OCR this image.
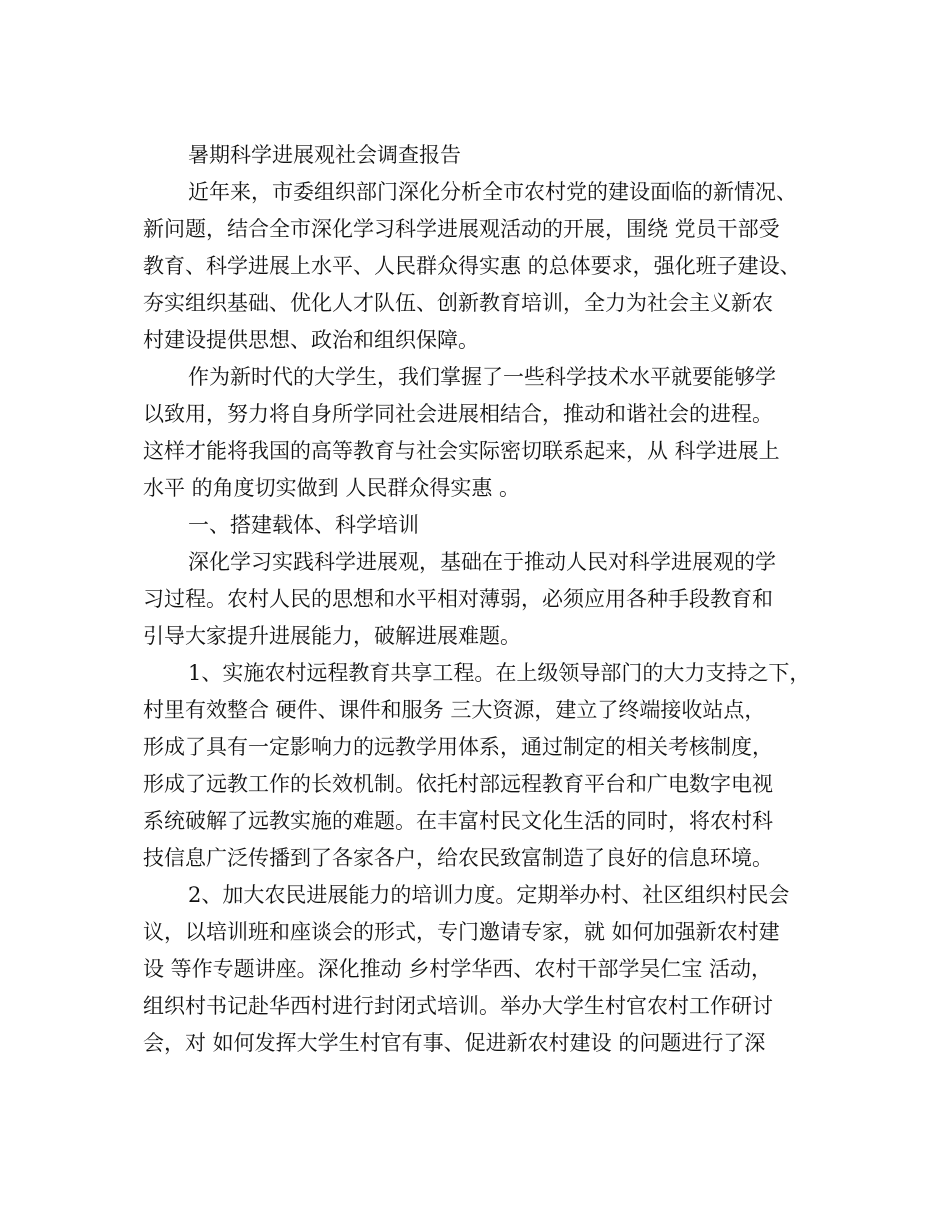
暑期科学进展观社会调查报告

近年来，市委组织部门深化分析全市农村党的建设面临的新情况、

新问题，结合全市深化学习科学进展观活动的开展，围绕 党员干部受

教育、科学进展上水平、人民群众得实惠 的总体要求，强化班子建设、

夯实组织基础、优化人才队伍、创新教育培训，全力为社会主义新农

村建设提供思想、政治和组织保障。

作为新时代的大学生，我们掌握了一些科学技术水平就要能够学

以致用，努力将自身所学同社会进展相结合，推动和谐社会的进程。

这样才能将我国的高等教育与社会实际密切联系起来，从 科学进展上

水平 的角度切实做到 人民群众得实惠 。

一、搭建载体、科学培训

深化学习实践科学进展观，基础在于推动人民对科学进展观的学

习过程。农村人民的思想和水平相对薄弱，必须应用各种手段教育和

引导大家提升进展能力，破解进展难题。

1、实施农村远程教育共享工程。在上级领导部门的大力支持之下，

村里有效整合 硬件、课件和服务 三大资源，建立了终端接收站点，

形成了具有一定影响力的远教学用体系，通过制定的相关考核制度，

形成了远教工作的长效机制。依托村部远程教育平台和广电数字电视

系统破解了远教实施的难题。在丰富村民文化生活的同时，将农村科

技信息广泛传播到了各家各户，给农民致富制造了良好的信息环境。

2、加大农民进展能力的培训力度。定期举办村、社区组织村民会

议，以培训班和座谈会的形式，专门邀请专家，就 如何加强新农村建

设 等作专题讲座。深化推动 乡村学华西、农村干部学吴仁宝 活动，

组织村书记赴华西村进行封闭式培训。举办大学生村官农村工作研讨

会，对 如何发挥大学生村官有事、促进新农村建设 的问题进行了深
